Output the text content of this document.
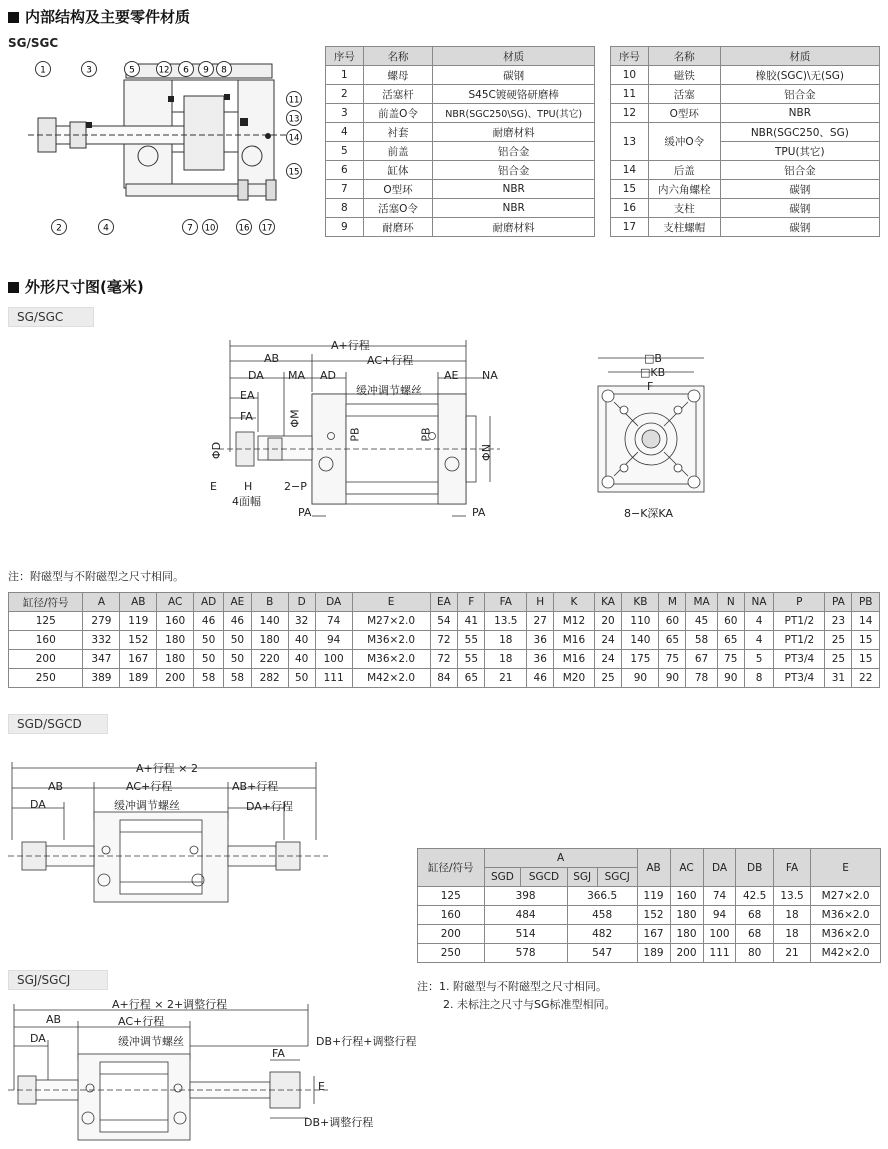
内部结构及主要零件材质
SG/SGC
1	3	5	12 6 9 8
11
13
14
15
2	4	7 10	16 17
序号	名称	材质
1	螺母	碳钢
2	活塞杆	S45C镀硬铬研磨棒
3	前盖O令	NBR(SGC250\SG)、TPU(其它)
4	衬套	耐磨材料
5	前盖	铝合金
6	缸体	铝合金
7	O型环	NBR
8	活塞O令	NBR
9	耐磨环	耐磨材料
序号	名称	材质
10	磁铁	橡胶(SGC)\无(SG)
11	活塞	铝合金
12	O型环	NBR
13	缓冲O令	NBR(SGC250、SG)
		TPU(其它)
14	后盖	铝合金
15	内六角螺栓	碳钢
16	支柱	碳钢
17	支柱螺帽	碳钢
外形尺寸图(毫米)
SG/SGC
A+行程
AB	AC+行程
DA MA AD	AE NA
缓冲调节螺丝
EA
FA	ΦM
PB	PB
ΦD	ΦN
E H
4面幅
2−P
PA	PA
□B
□KB
F
8−K深KA
注：附磁型与不附磁型之尺寸相同。
缸径/符号	A	AB	AC	AD	AE	B	D	DA	E	EA	F	FA	H	K	KA	KB	M	MA	N	NA	P	PA	PB
125	279	119	160	46	46	140	32	74	M27×2.0	54	41	13.5	27	M12	20	110	60	45	60	4	PT1/2	23	14
160	332	152	180	50	50	180	40	94	M36×2.0	72	55	18	36	M16	24	140	65	58	65	4	PT1/2	25	15
200	347	167	180	50	50	220	40	100	M36×2.0	72	55	18	36	M16	24	175	75	67	75	5	PT3/4	25	15
250	389	189	200	58	58	282	50	111	M42×2.0	84	65	21	46	M20	25	90	90	78	90	8	PT3/4	31	22
SGD/SGCD
A+行程 × 2
AB	AC+行程	AB+行程
DA	缓冲调节螺丝	DA+行程
缸径/符号	A				AB	AC	DA	DB	FA	E
	SGD	SGCD	SGJ	SGCJ						
125	398		366.5		119	160	74	42.5	13.5	M27×2.0
160	484		458		152	180	94	68	18	M36×2.0
200	514		482		167	180	100	68	18	M36×2.0
250	578		547		189	200	111	80	21	M42×2.0
注：1. 附磁型与不附磁型之尺寸相同。
2. 未标注之尺寸与SG标准型相同。
SGJ/SGCJ
A+行程 × 2+调整行程
AB	AC+行程
DA	缓冲调节螺丝	DB+行程+调整行程
FA
E
DB+调整行程
